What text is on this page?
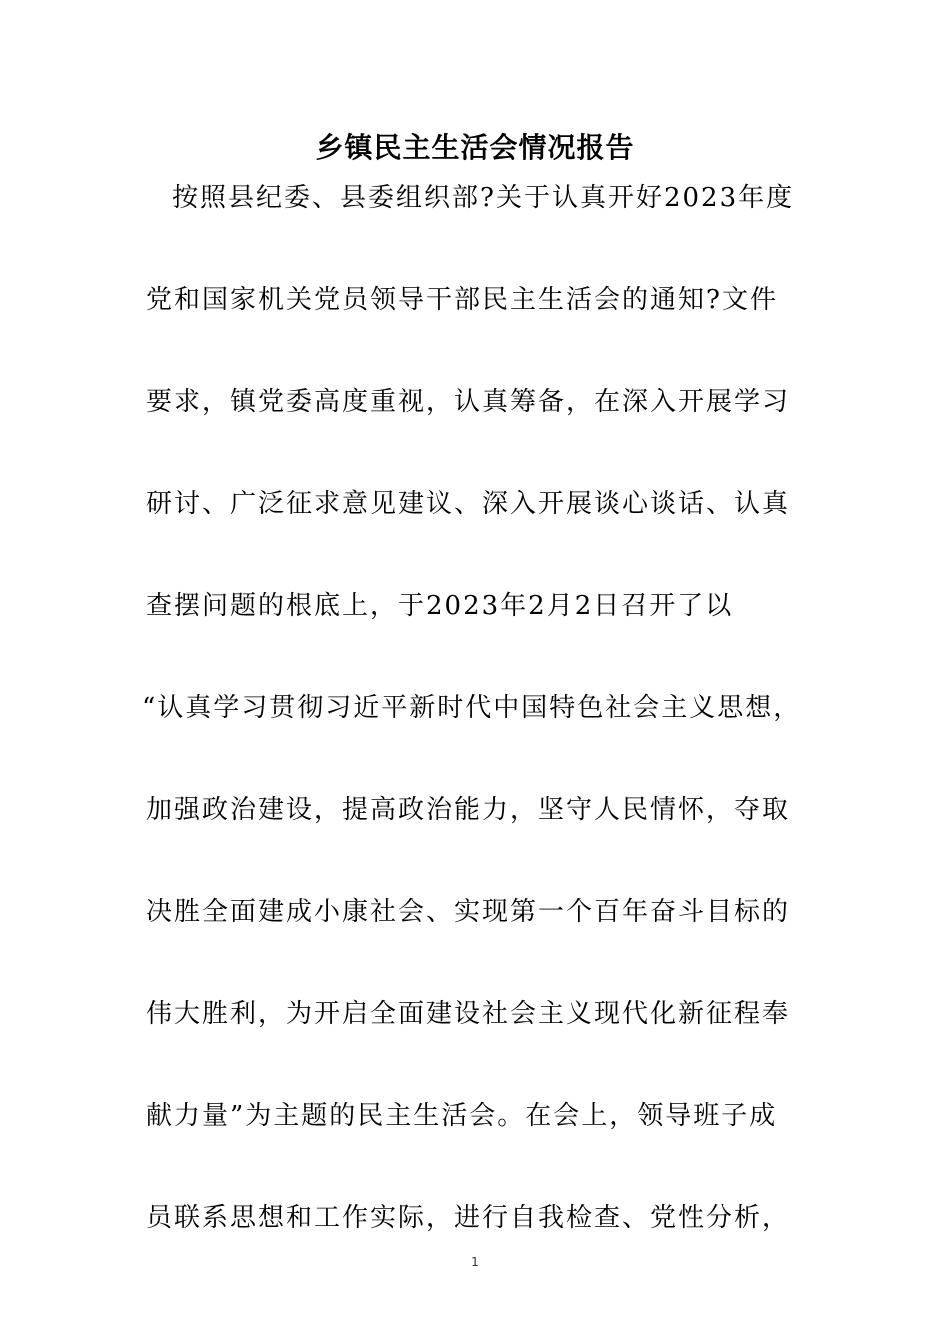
乡镇民主生活会情况报告
按照县纪委、县委组织部?关于认真开好2023年度
党和国家机关党员领导干部民主生活会的通知?文件
要求，镇党委高度重视，认真筹备，在深入开展学习
研讨、广泛征求意见建议、深入开展谈心谈话、认真
查摆问题的根底上，于2023年2月2日召开了以
“认真学习贯彻习近平新时代中国特色社会主义思想，
加强政治建设，提高政治能力，坚守人民情怀，夺取
决胜全面建成小康社会、实现第一个百年奋斗目标的
伟大胜利，为开启全面建设社会主义现代化新征程奉
献力量”为主题的民主生活会。在会上，领导班子成
员联系思想和工作实际，进行自我检查、党性分析，
1
